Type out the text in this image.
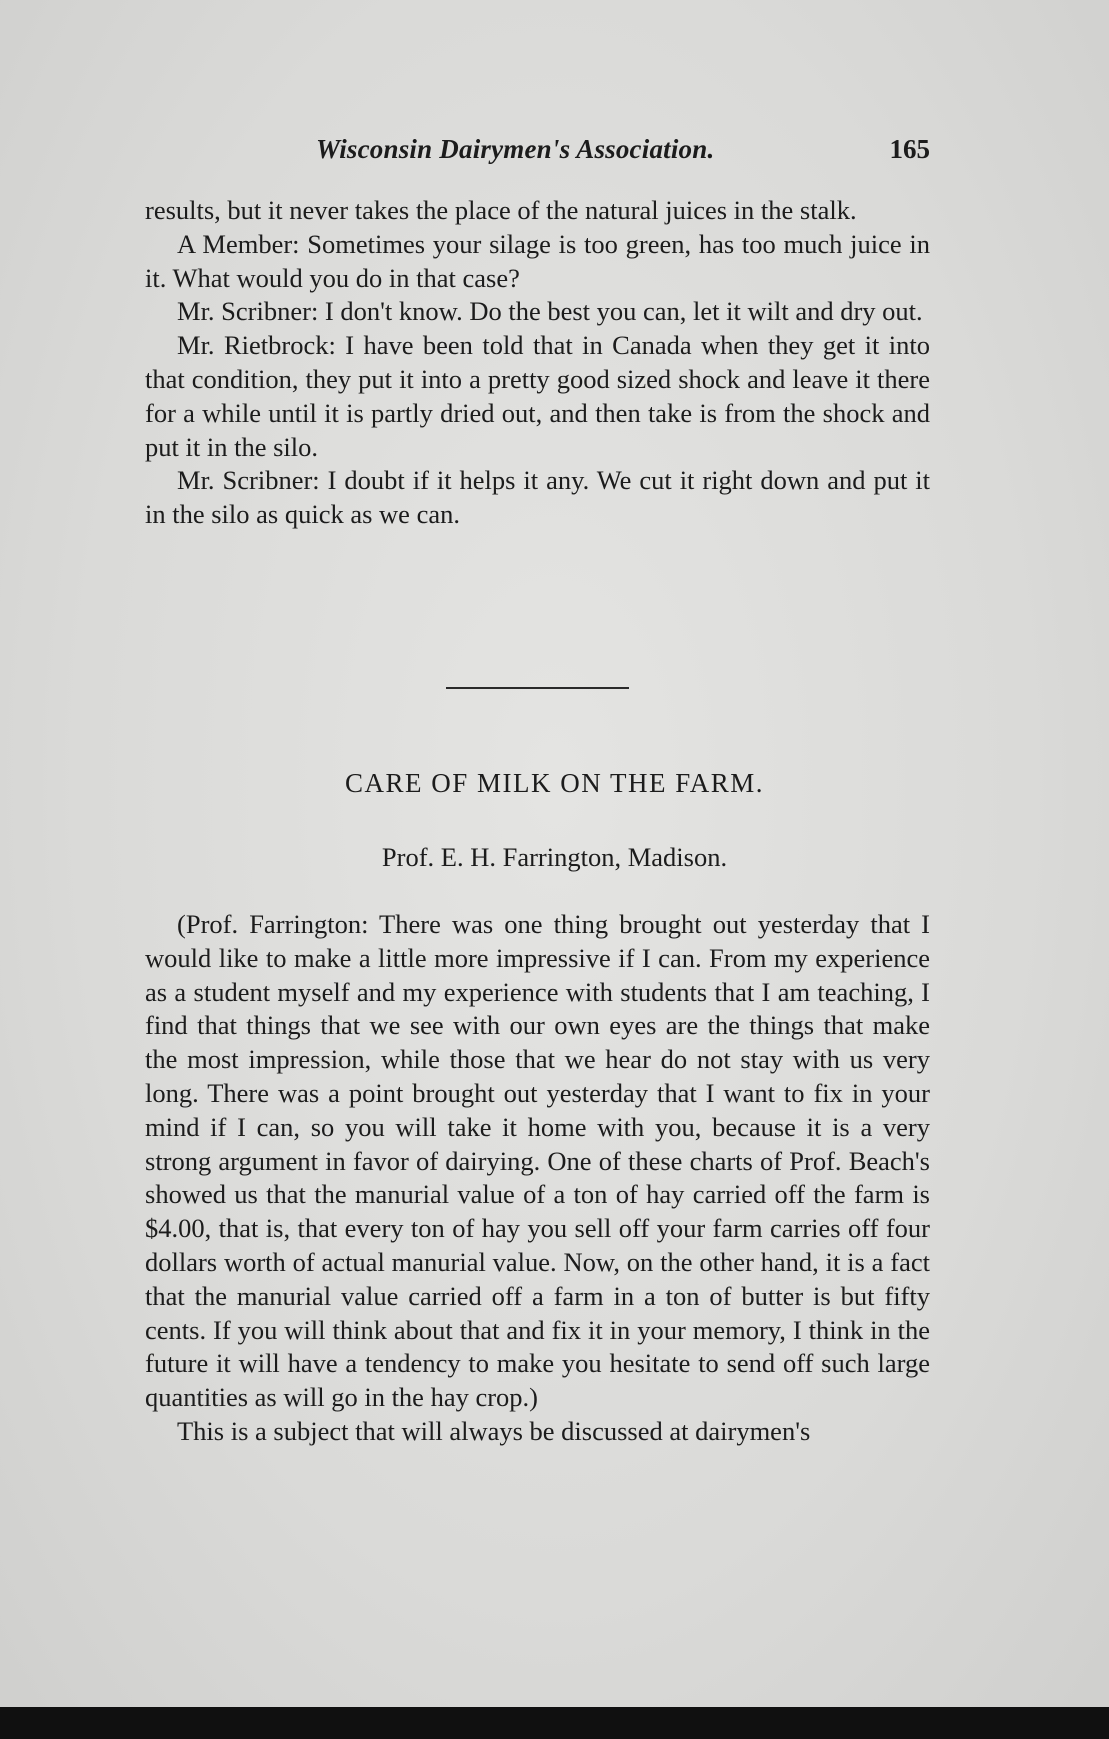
Wisconsin Dairymen's Association.	165

results, but it never takes the place of the natural juices in the stalk.

A Member: Sometimes your silage is too green, has too much juice in it. What would you do in that case?

Mr. Scribner: I don't know. Do the best you can, let it wilt and dry out.

Mr. Rietbrock: I have been told that in Canada when they get it into that condition, they put it into a pretty good sized shock and leave it there for a while until it is partly dried out, and then take is from the shock and put it in the silo.

Mr. Scribner: I doubt if it helps it any. We cut it right down and put it in the silo as quick as we can.

CARE OF MILK ON THE FARM.
Prof. E. H. Farrington, Madison.

(Prof. Farrington: There was one thing brought out yesterday that I would like to make a little more impressive if I can. From my experience as a student myself and my experience with students that I am teaching, I find that things that we see with our own eyes are the things that make the most impression, while those that we hear do not stay with us very long. There was a point brought out yesterday that I want to fix in your mind if I can, so you will take it home with you, because it is a very strong argument in favor of dairying. One of these charts of Prof. Beach's showed us that the manurial value of a ton of hay carried off the farm is $4.00, that is, that every ton of hay you sell off your farm carries off four dollars worth of actual manurial value. Now, on the other hand, it is a fact that the manurial value carried off a farm in a ton of butter is but fifty cents. If you will think about that and fix it in your memory, I think in the future it will have a tendency to make you hesitate to send off such large quantities as will go in the hay crop.)

This is a subject that will always be discussed at dairymen's
